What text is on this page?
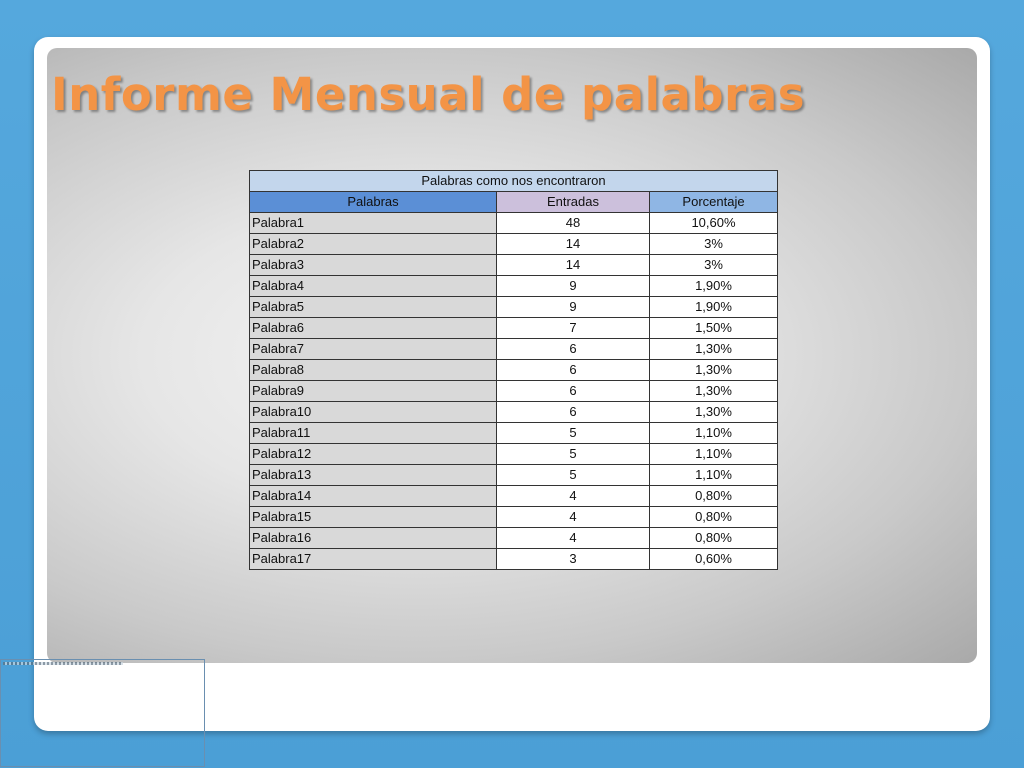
Informe Mensual de palabras
Palabras como nos encontraron		
Palabras	Entradas	Porcentaje
Palabra1	48	10,60%
Palabra2	14	3%
Palabra3	14	3%
Palabra4	9	1,90%
Palabra5	9	1,90%
Palabra6	7	1,50%
Palabra7	6	1,30%
Palabra8	6	1,30%
Palabra9	6	1,30%
Palabra10	6	1,30%
Palabra11	5	1,10%
Palabra12	5	1,10%
Palabra13	5	1,10%
Palabra14	4	0,80%
Palabra15	4	0,80%
Palabra16	4	0,80%
Palabra17	3	0,60%
